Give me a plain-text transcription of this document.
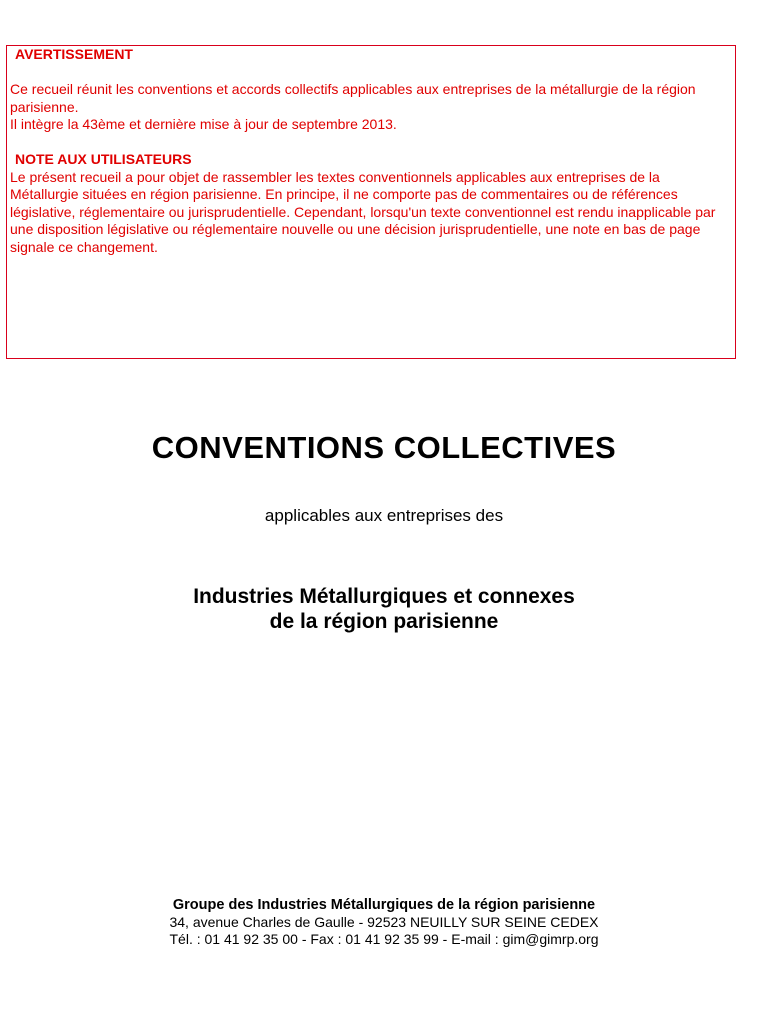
AVERTISSEMENT

Ce recueil réunit les conventions et accords collectifs applicables aux entreprises de la métallurgie de la région parisienne.

Il intègre la 43ème et dernière mise à jour de septembre 2013.

NOTE AUX UTILISATEURS

Le présent recueil a pour objet de rassembler les textes conventionnels applicables aux entreprises de la Métallurgie situées en région parisienne. En principe, il ne comporte pas de commentaires ou de références législative, réglementaire ou jurisprudentielle. Cependant, lorsqu'un texte conventionnel est rendu inapplicable par une disposition législative ou réglementaire nouvelle ou une décision jurisprudentielle, une note en bas de page signale ce changement.

CONVENTIONS COLLECTIVES

applicables aux entreprises des

Industries Métallurgiques et connexes
de la région parisienne
Groupe des Industries Métallurgiques de la région parisienne
34, avenue Charles de Gaulle - 92523 NEUILLY SUR SEINE CEDEX
Tél. : 01 41 92 35 00 - Fax : 01 41 92 35 99 - E-mail : gim@gimrp.org
